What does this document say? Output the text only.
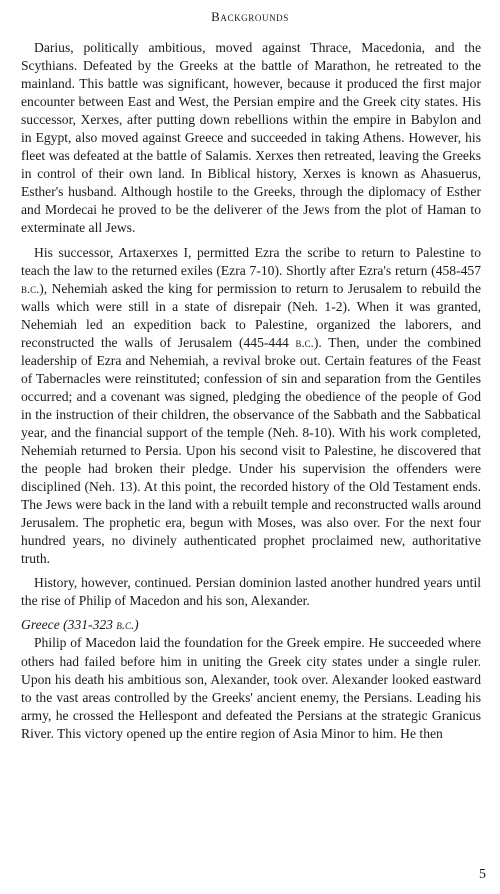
Backgrounds

Darius, politically ambitious, moved against Thrace, Macedonia, and the Scythians. Defeated by the Greeks at the battle of Marathon, he retreated to the mainland. This battle was significant, however, because it produced the first major encounter between East and West, the Persian empire and the Greek city states. His successor, Xerxes, after putting down rebellions within the empire in Babylon and in Egypt, also moved against Greece and succeeded in taking Athens. However, his fleet was defeated at the battle of Salamis. Xerxes then retreated, leaving the Greeks in control of their own land. In Biblical history, Xerxes is known as Ahasuerus, Esther's husband. Although hostile to the Greeks, through the diplomacy of Esther and Mordecai he proved to be the deliverer of the Jews from the plot of Haman to exterminate all Jews.

His successor, Artaxerxes I, permitted Ezra the scribe to return to Palestine to teach the law to the returned exiles (Ezra 7-10). Shortly after Ezra's return (458-457 b.c.), Nehemiah asked the king for permission to return to Jerusalem to rebuild the walls which were still in a state of disrepair (Neh. 1-2). When it was granted, Nehemiah led an expedition back to Palestine, organized the laborers, and reconstructed the walls of Jerusalem (445-444 b.c.). Then, under the combined leadership of Ezra and Nehemiah, a revival broke out. Certain features of the Feast of Tabernacles were reinstituted; confession of sin and separation from the Gentiles occurred; and a covenant was signed, pledging the obedience of the people of God in the instruction of their children, the observance of the Sabbath and the Sabbatical year, and the financial support of the temple (Neh. 8-10). With his work completed, Nehemiah returned to Persia. Upon his second visit to Palestine, he discovered that the people had broken their pledge. Under his supervision the offenders were disciplined (Neh. 13). At this point, the recorded history of the Old Testament ends. The Jews were back in the land with a rebuilt temple and reconstructed walls around Jerusalem. The prophetic era, begun with Moses, was also over. For the next four hundred years, no divinely authenticated prophet proclaimed new, authoritative truth.

History, however, continued. Persian dominion lasted another hundred years until the rise of Philip of Macedon and his son, Alexander.

Greece (331-323 b.c.)

Philip of Macedon laid the foundation for the Greek empire. He succeeded where others had failed before him in uniting the Greek city states under a single ruler. Upon his death his ambitious son, Alexander, took over. Alexander looked eastward to the vast areas controlled by the Greeks' ancient enemy, the Persians. Leading his army, he crossed the Hellespont and defeated the Persians at the strategic Granicus River. This victory opened up the entire region of Asia Minor to him. He then

5
